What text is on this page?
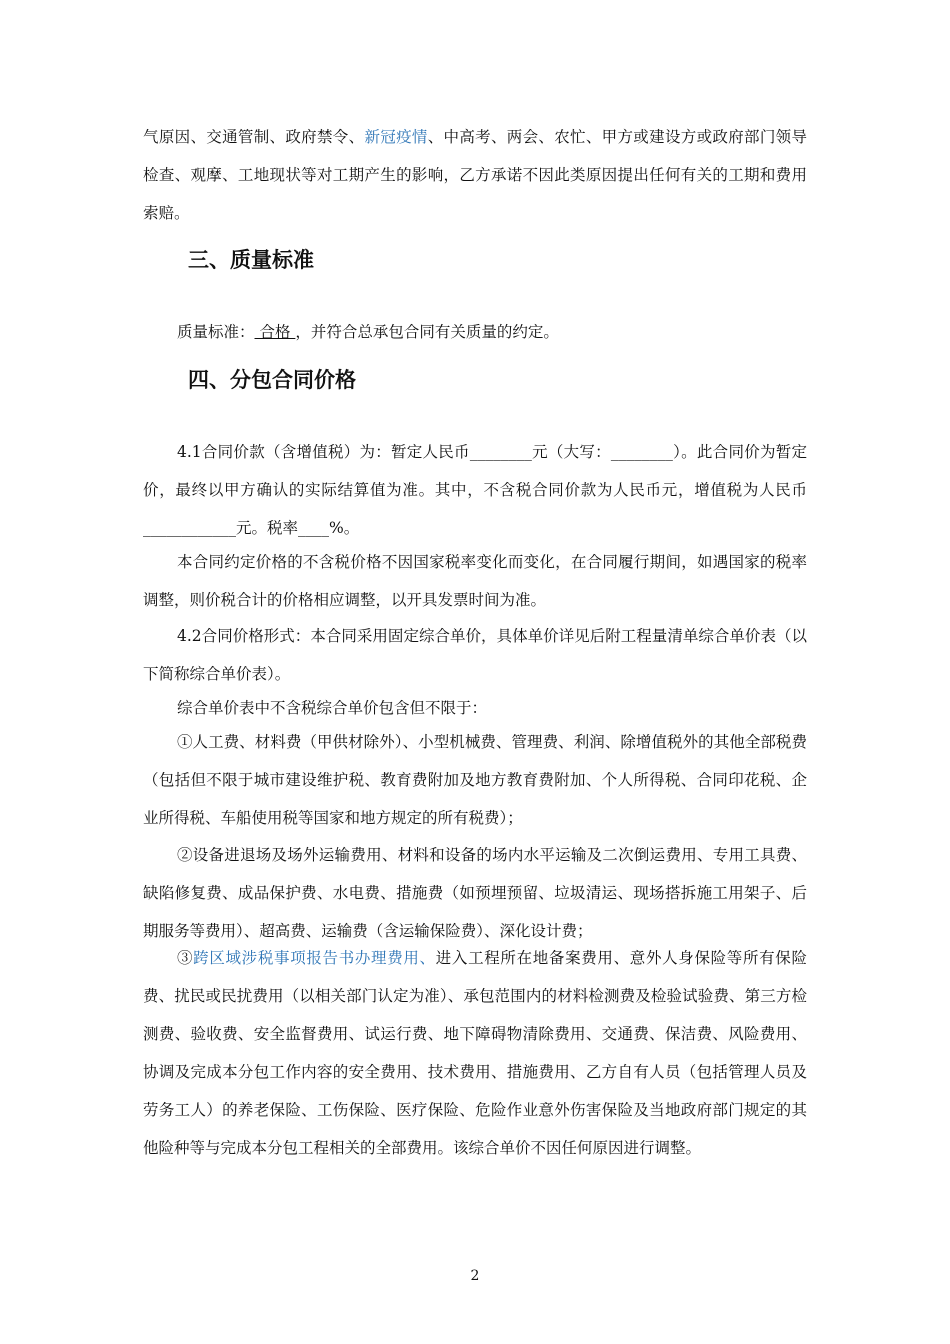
气原因、交通管制、政府禁令、新冠疫情、中高考、两会、农忙、甲方或建设方或政府部门领导检查、观摩、工地现状等对工期产生的影响，乙方承诺不因此类原因提出任何有关的工期和费用索赔。

三、质量标准

质量标准： 合格 ，并符合总承包合同有关质量的约定。

四、分包合同价格

4.1合同价款（含增值税）为：暂定人民币________元（大写：________）。此合同价为暂定价，最终以甲方确认的实际结算值为准。其中，不含税合同价款为人民币元，增值税为人民币____________元。税率____%。

本合同约定价格的不含税价格不因国家税率变化而变化，在合同履行期间，如遇国家的税率调整，则价税合计的价格相应调整，以开具发票时间为准。

4.2合同价格形式：本合同采用固定综合单价，具体单价详见后附工程量清单综合单价表（以下简称综合单价表）。

综合单价表中不含税综合单价包含但不限于：

①人工费、材料费（甲供材除外）、小型机械费、管理费、利润、除增值税外的其他全部税费（包括但不限于城市建设维护税、教育费附加及地方教育费附加、个人所得税、合同印花税、企业所得税、车船使用税等国家和地方规定的所有税费）；

②设备进退场及场外运输费用、材料和设备的场内水平运输及二次倒运费用、专用工具费、缺陷修复费、成品保护费、水电费、措施费（如预埋预留、垃圾清运、现场搭拆施工用架子、后期服务等费用）、超高费、运输费（含运输保险费）、深化设计费；

③跨区域涉税事项报告书办理费用、进入工程所在地备案费用、意外人身保险等所有保险费、扰民或民扰费用（以相关部门认定为准）、承包范围内的材料检测费及检验试验费、第三方检测费、验收费、安全监督费用、试运行费、地下障碍物清除费用、交通费、保洁费、风险费用、协调及完成本分包工作内容的安全费用、技术费用、措施费用、乙方自有人员（包括管理人员及劳务工人）的养老保险、工伤保险、医疗保险、危险作业意外伤害保险及当地政府部门规定的其他险种等与完成本分包工程相关的全部费用。该综合单价不因任何原因进行调整。

2
